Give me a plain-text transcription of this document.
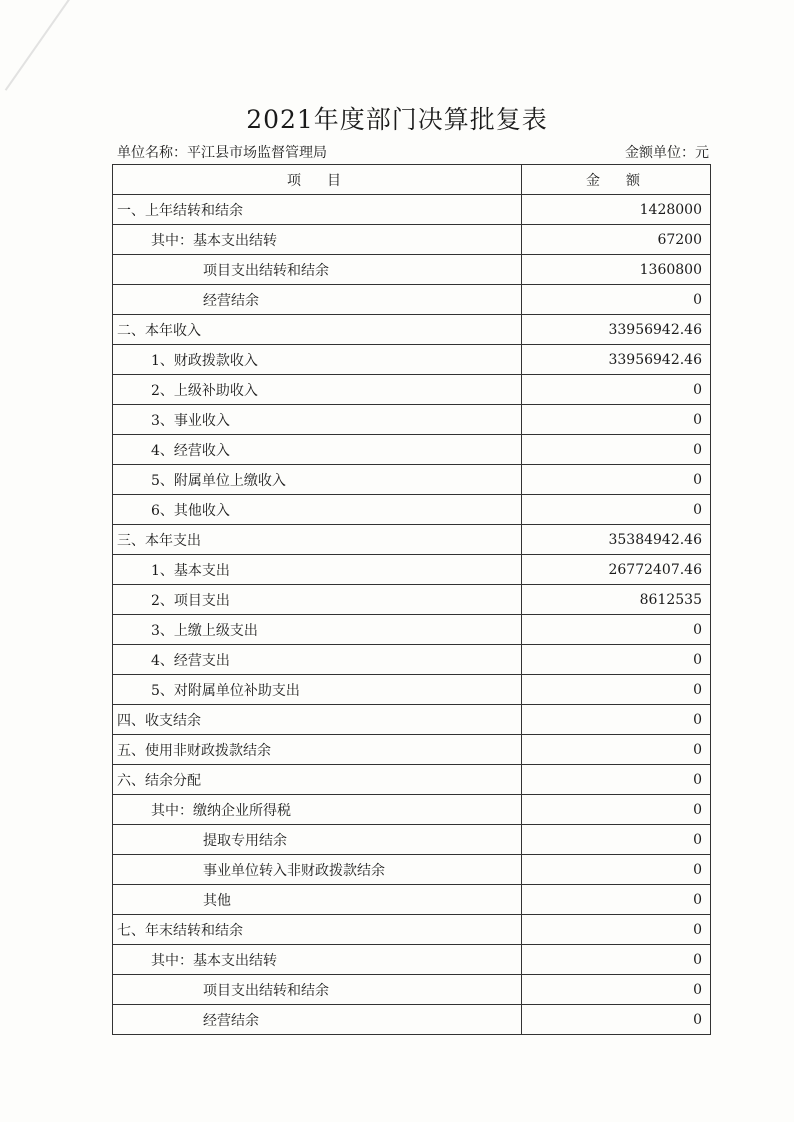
2021年度部门决算批复表
单位名称：平江县市场监督管理局	金额单位：元
项　目	金　额
一、上年结转和结余	1428000
其中：基本支出结转	67200
项目支出结转和结余	1360800
经营结余	0
二、本年收入	33956942.46
1、财政拨款收入	33956942.46
2、上级补助收入	0
3、事业收入	0
4、经营收入	0
5、附属单位上缴收入	0
6、其他收入	0
三、本年支出	35384942.46
1、基本支出	26772407.46
2、项目支出	8612535
3、上缴上级支出	0
4、经营支出	0
5、对附属单位补助支出	0
四、收支结余	0
五、使用非财政拨款结余	0
六、结余分配	0
其中：缴纳企业所得税	0
提取专用结余	0
事业单位转入非财政拨款结余	0
其他	0
七、年末结转和结余	0
其中：基本支出结转	0
项目支出结转和结余	0
经营结余	0
